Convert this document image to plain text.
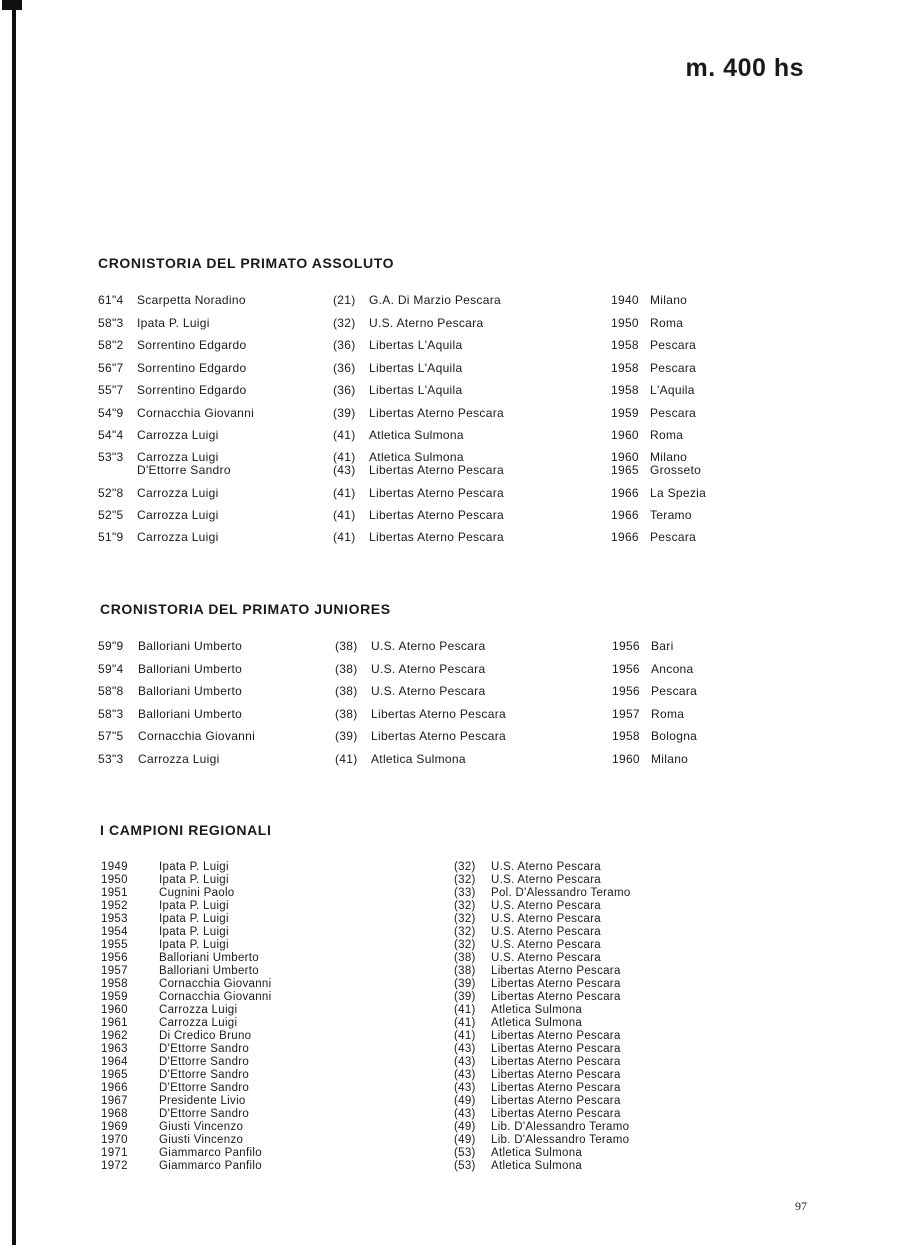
m. 400 hs
CRONISTORIA DEL PRIMATO ASSOLUTO
61"4 Scarpetta Noradino	(21) G.A. Di Marzio Pescara	1940 Milano
58"3 Ipata P. Luigi	(32) U.S. Aterno Pescara	1950 Roma
58"2 Sorrentino Edgardo	(36) Libertas L'Aquila	1958 Pescara
56"7 Sorrentino Edgardo	(36) Libertas L'Aquila	1958 Pescara
55"7 Sorrentino Edgardo	(36) Libertas L'Aquila	1958 L'Aquila
54"9 Cornacchia Giovanni	(39) Libertas Aterno Pescara	1959 Pescara
54"4 Carrozza Luigi	(41) Atletica Sulmona	1960 Roma
53"3 Carrozza Luigi	(41) Atletica Sulmona	1960 Milano
D'Ettorre Sandro	(43) Libertas Aterno Pescara	1965 Grosseto
52"8 Carrozza Luigi	(41) Libertas Aterno Pescara	1966 La Spezia
52"5 Carrozza Luigi	(41) Libertas Aterno Pescara	1966 Teramo
51"9 Carrozza Luigi	(41) Libertas Aterno Pescara	1966 Pescara
CRONISTORIA DEL PRIMATO JUNIORES
59"9 Balloriani Umberto	(38) U.S. Aterno Pescara	1956 Bari
59"4 Balloriani Umberto	(38) U.S. Aterno Pescara	1956 Ancona
58"8 Balloriani Umberto	(38) U.S. Aterno Pescara	1956 Pescara
58"3 Balloriani Umberto	(38) Libertas Aterno Pescara	1957 Roma
57"5 Cornacchia Giovanni	(39) Libertas Aterno Pescara	1958 Bologna
53"3 Carrozza Luigi	(41) Atletica Sulmona	1960 Milano
I CAMPIONI REGIONALI
1949	Ipata P. Luigi	(32) U.S. Aterno Pescara
1950	Ipata P. Luigi	(32) U.S. Aterno Pescara
1951	Cugnini Paolo	(33) Pol. D'Alessandro Teramo
1952	Ipata P. Luigi	(32) U.S. Aterno Pescara
1953	Ipata P. Luigi	(32) U.S. Aterno Pescara
1954	Ipata P. Luigi	(32) U.S. Aterno Pescara
1955	Ipata P. Luigi	(32) U.S. Aterno Pescara
1956	Balloriani Umberto	(38) U.S. Aterno Pescara
1957	Balloriani Umberto	(38) Libertas Aterno Pescara
1958	Cornacchia Giovanni	(39) Libertas Aterno Pescara
1959	Cornacchia Giovanni	(39) Libertas Aterno Pescara
1960	Carrozza Luigi	(41) Atletica Sulmona
1961	Carrozza Luigi	(41) Atletica Sulmona
1962	Di Credico Bruno	(41) Libertas Aterno Pescara
1963	D'Ettorre Sandro	(43) Libertas Aterno Pescara
1964	D'Ettorre Sandro	(43) Libertas Aterno Pescara
1965	D'Ettorre Sandro	(43) Libertas Aterno Pescara
1966	D'Ettorre Sandro	(43) Libertas Aterno Pescara
1967	Presidente Livio	(49) Libertas Aterno Pescara
1968	D'Ettorre Sandro	(43) Libertas Aterno Pescara
1969	Giusti Vincenzo	(49) Lib. D'Alessandro Teramo
1970	Giusti Vincenzo	(49) Lib. D'Alessandro Teramo
1971	Giammarco Panfilo	(53) Atletica Sulmona
1972	Giammarco Panfilo	(53) Atletica Sulmona
97
